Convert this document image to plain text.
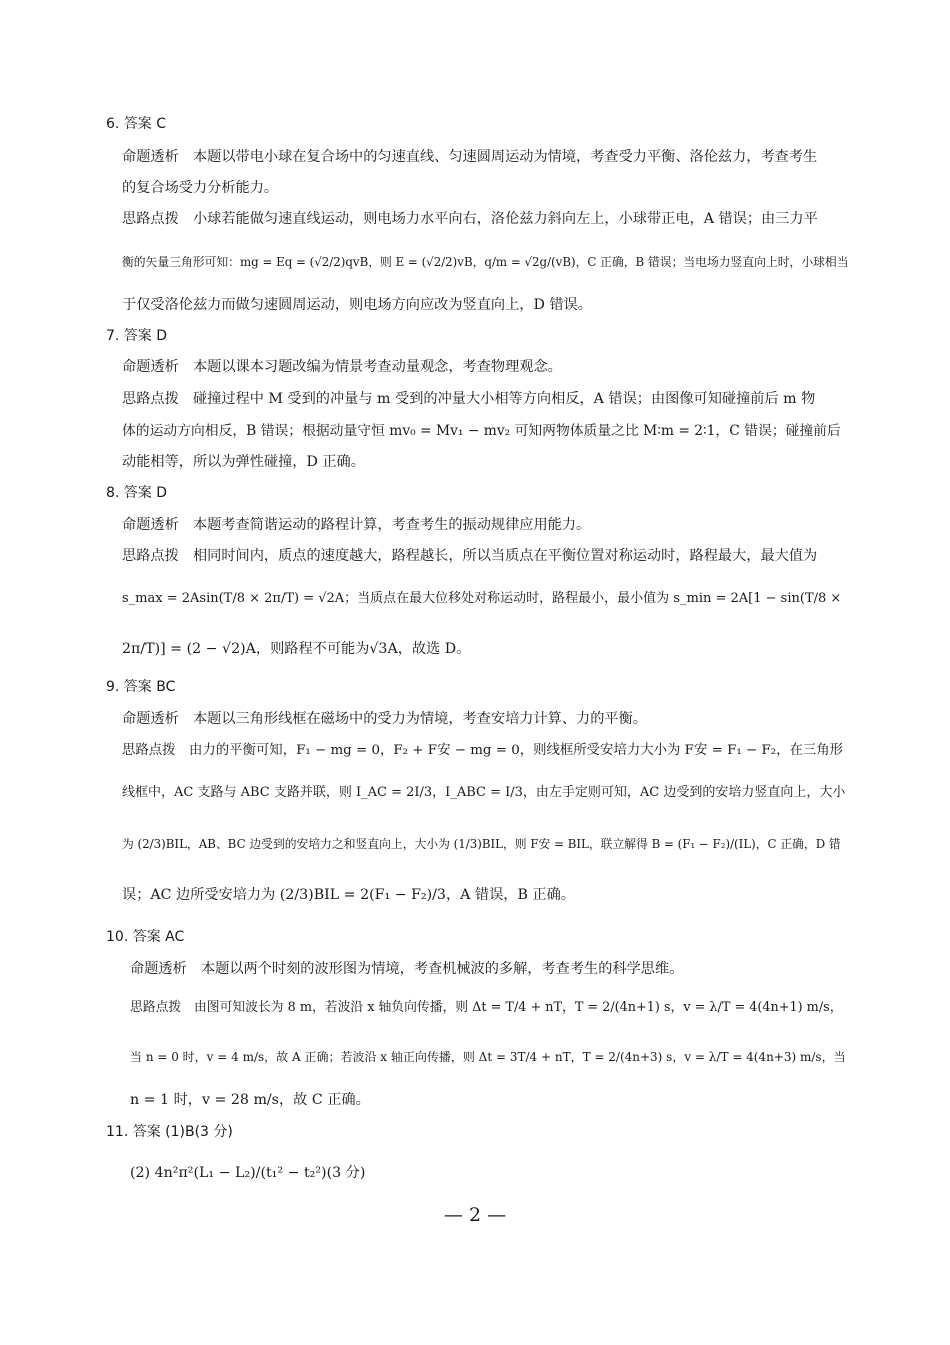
6. 答案 C
命题透析　本题以带电小球在复合场中的匀速直线、匀速圆周运动为情境，考查受力平衡、洛伦兹力，考查考生
的复合场受力分析能力。
思路点拨　小球若能做匀速直线运动，则电场力水平向右，洛伦兹力斜向左上，小球带正电，A 错误；由三力平
衡的矢量三角形可知：mg = Eq = (√2/2)qvB，则 E = (√2/2)vB，q/m = √2g/(vB)，C 正确，B 错误；当电场力竖直向上时，小球相当
于仅受洛伦兹力而做匀速圆周运动，则电场方向应改为竖直向上，D 错误。
7. 答案 D
命题透析　本题以课本习题改编为情景考查动量观念，考查物理观念。
思路点拨　碰撞过程中 M 受到的冲量与 m 受到的冲量大小相等方向相反，A 错误；由图像可知碰撞前后 m 物
体的运动方向相反，B 错误；根据动量守恒 mv₀ = Mv₁ − mv₂ 可知两物体质量之比 M∶m = 2∶1，C 错误；碰撞前后
动能相等，所以为弹性碰撞，D 正确。
8. 答案 D
命题透析　本题考查简谐运动的路程计算，考查考生的振动规律应用能力。
思路点拨　相同时间内，质点的速度越大，路程越长，所以当质点在平衡位置对称运动时，路程最大，最大值为
s_max = 2Asin(T/8 × 2π/T) = √2A；当质点在最大位移处对称运动时，路程最小，最小值为 s_min = 2A[1 − sin(T/8 ×
2π/T)] = (2 − √2)A，则路程不可能为√3A，故选 D。
9. 答案 BC
命题透析　本题以三角形线框在磁场中的受力为情境，考查安培力计算、力的平衡。
思路点拨　由力的平衡可知，F₁ − mg = 0，F₂ + F安 − mg = 0，则线框所受安培力大小为 F安 = F₁ − F₂，在三角形
线框中，AC 支路与 ABC 支路并联，则 I_AC = 2I/3，I_ABC = I/3，由左手定则可知，AC 边受到的安培力竖直向上，大小
为 (2/3)BIL，AB、BC 边受到的安培力之和竖直向上，大小为 (1/3)BIL，则 F安 = BIL，联立解得 B = (F₁ − F₂)/(IL)，C 正确，D 错
误；AC 边所受安培力为 (2/3)BIL = 2(F₁ − F₂)/3，A 错误，B 正确。
10. 答案 AC
命题透析　本题以两个时刻的波形图为情境，考查机械波的多解，考查考生的科学思维。
思路点拨　由图可知波长为 8 m，若波沿 x 轴负向传播，则 Δt = T/4 + nT，T = 2/(4n+1) s，v = λ/T = 4(4n+1) m/s，
当 n = 0 时，v = 4 m/s，故 A 正确；若波沿 x 轴正向传播，则 Δt = 3T/4 + nT，T = 2/(4n+3) s，v = λ/T = 4(4n+3) m/s，当
n = 1 时，v = 28 m/s，故 C 正确。
11. 答案 (1)B(3 分)
(2) 4n²π²(L₁ − L₂)/(t₁² − t₂²)(3 分)
— 2 —
